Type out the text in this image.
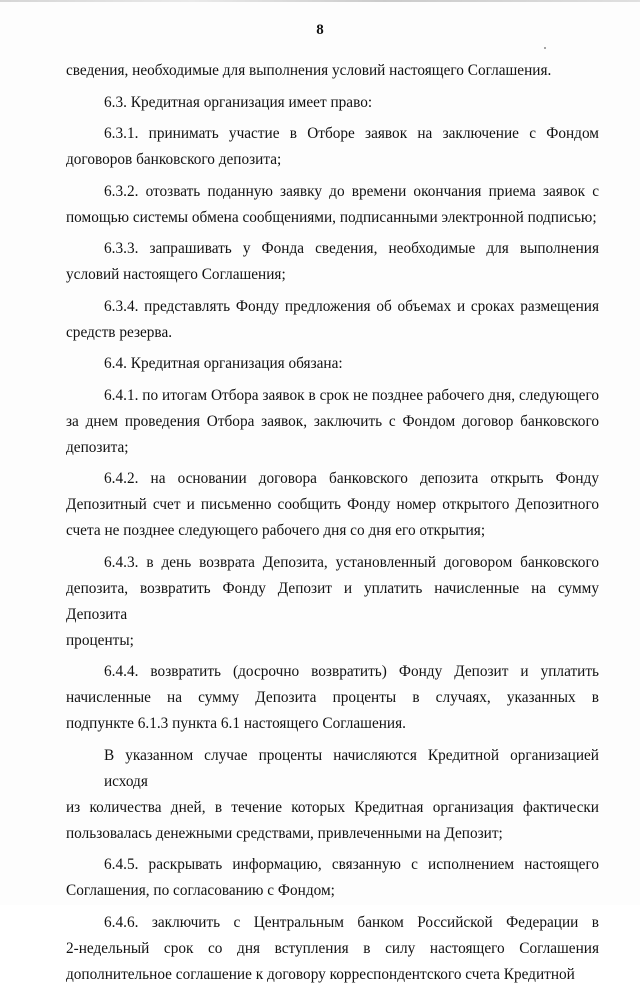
8
сведения, необходимые для выполнения условий настоящего Соглашения.
6.3. Кредитная организация имеет право:
6.3.1. принимать участие в Отборе заявок на заключение с Фондом
договоров банковского депозита;
6.3.2. отозвать поданную заявку до времени окончания приема заявок с
помощью системы обмена сообщениями, подписанными электронной подписью;
6.3.3. запрашивать у Фонда сведения, необходимые для выполнения
условий настоящего Соглашения;
6.3.4. представлять Фонду предложения об объемах и сроках размещения
средств резерва.
6.4. Кредитная организация обязана:
6.4.1. по итогам Отбора заявок в срок не позднее рабочего дня, следующего
за днем проведения Отбора заявок, заключить с Фондом договор банковского
депозита;
6.4.2. на основании договора банковского депозита открыть Фонду
Депозитный счет и письменно сообщить Фонду номер открытого Депозитного
счета не позднее следующего рабочего дня со дня его открытия;
6.4.3. в день возврата Депозита, установленный договором банковского
депозита, возвратить Фонду Депозит и уплатить начисленные на сумму Депозита
проценты;
6.4.4. возвратить (досрочно возвратить) Фонду Депозит и уплатить
начисленные на сумму Депозита проценты в случаях, указанных в
подпункте 6.1.3 пункта 6.1 настоящего Соглашения.
В указанном случае проценты начисляются Кредитной организацией исходя
из количества дней, в течение которых Кредитная организация фактически
пользовалась денежными средствами, привлеченными на Депозит;
6.4.5. раскрывать информацию, связанную с исполнением настоящего
Соглашения, по согласованию с Фондом;
6.4.6. заключить с Центральным банком Российской Федерации в
2-недельный срок со дня вступления в силу настоящего Соглашения
дополнительное соглашение к договору корреспондентского счета Кредитной
